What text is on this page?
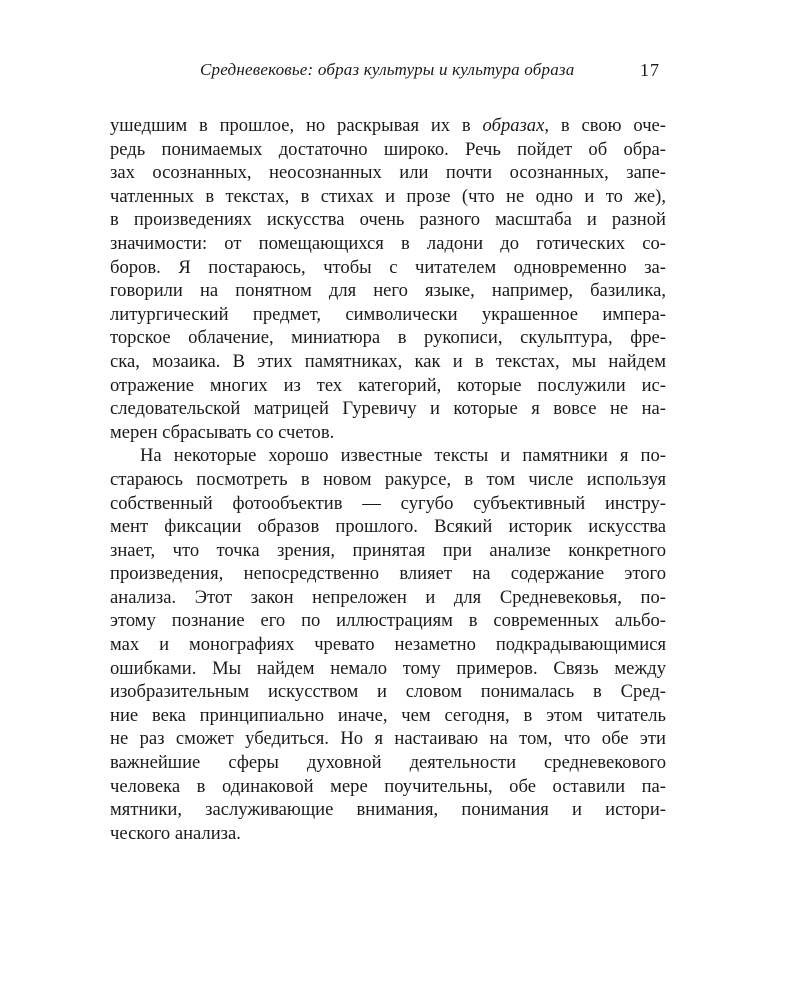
Средневековье: образ культуры и культура образа	17
ушедшим в прошлое, но раскрывая их в образах, в свою оче-
редь понимаемых достаточно широко. Речь пойдет об обра-
зах осознанных, неосознанных или почти осознанных, запе-
чатленных в текстах, в стихах и прозе (что не одно и то же),
в произведениях искусства очень разного масштаба и разной
значимости: от помещающихся в ладони до готических со-
боров. Я постараюсь, чтобы с читателем одновременно за-
говорили на понятном для него языке, например, базилика,
литургический предмет, символически украшенное импера-
торское облачение, миниатюра в рукописи, скульптура, фре-
ска, мозаика. В этих памятниках, как и в текстах, мы найдем
отражение многих из тех категорий, которые послужили ис-
следовательской матрицей Гуревичу и которые я вовсе не на-
мерен сбрасывать со счетов.
На некоторые хорошо известные тексты и памятники я по-
стараюсь посмотреть в новом ракурсе, в том числе используя
собственный фотообъектив — сугубо субъективный инстру-
мент фиксации образов прошлого. Всякий историк искусства
знает, что точка зрения, принятая при анализе конкретного
произведения, непосредственно влияет на содержание этого
анализа. Этот закон непреложен и для Средневековья, по-
этому познание его по иллюстрациям в современных альбо-
мах и монографиях чревато незаметно подкрадывающимися
ошибками. Мы найдем немало тому примеров. Связь между
изобразительным искусством и словом понималась в Сред-
ние века принципиально иначе, чем сегодня, в этом читатель
не раз сможет убедиться. Но я настаиваю на том, что обе эти
важнейшие сферы духовной деятельности средневекового
человека в одинаковой мере поучительны, обе оставили па-
мятники, заслуживающие внимания, понимания и истори-
ческого анализа.
